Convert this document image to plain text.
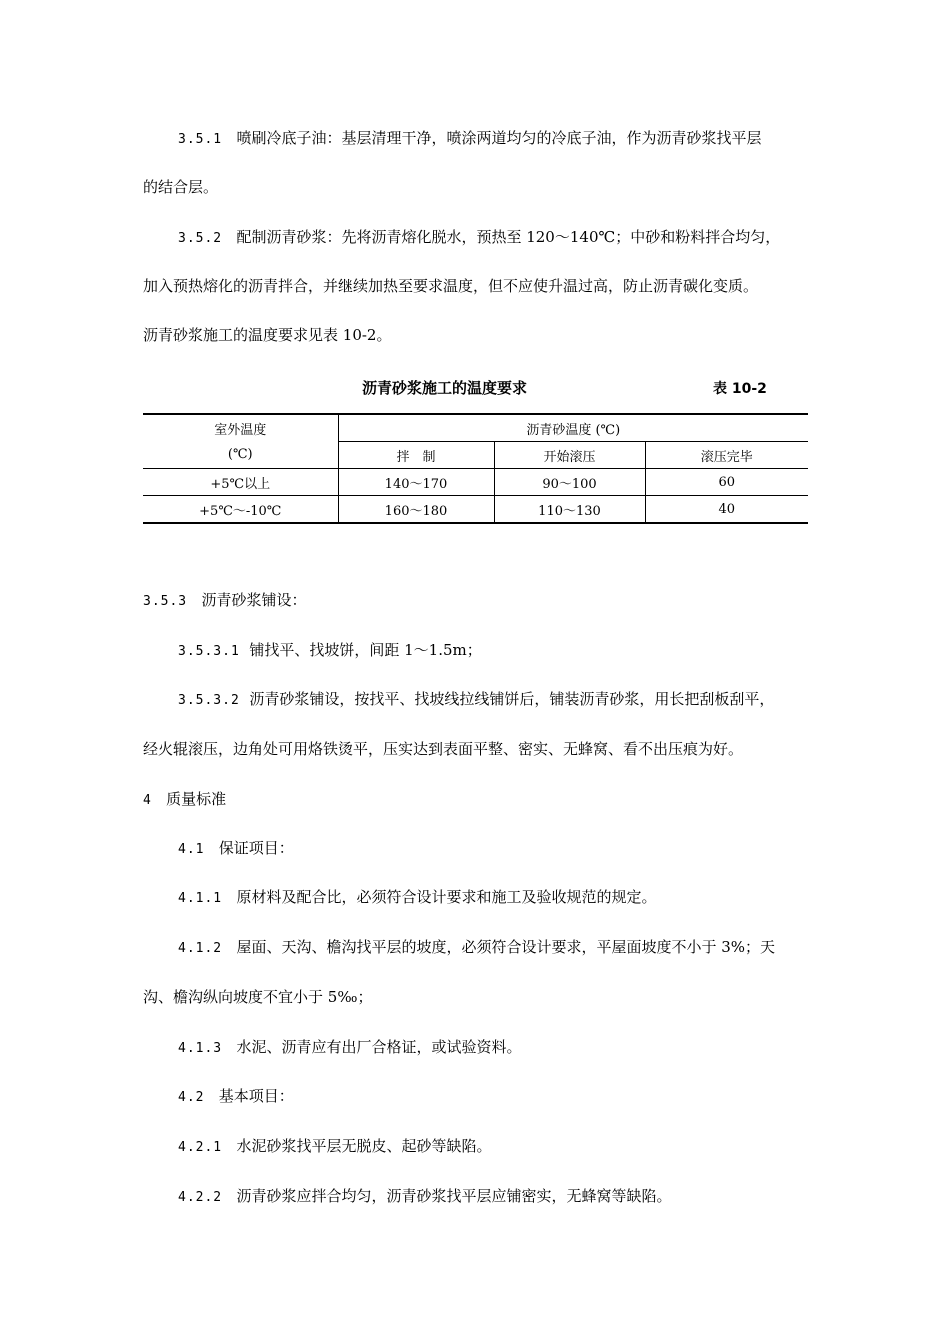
3.5.1 喷刷冷底子油：基层清理干净，喷涂两道均匀的冷底子油，作为沥青砂浆找平层
的结合层。
3.5.2 配制沥青砂浆：先将沥青熔化脱水，预热至 120～140℃；中砂和粉料拌合均匀，
加入预热熔化的沥青拌合，并继续加热至要求温度，但不应使升温过高，防止沥青碳化变质。
沥青砂浆施工的温度要求见表 10-2。
沥青砂浆施工的温度要求	表 10-2
室外温度	沥青砂温度 (℃)		
(℃)	拌　制	开始滚压	滚压完毕
+5℃以上	140～170	90～100	60
+5℃～-10℃	160～180	110～130	40
3.5.3 沥青砂浆铺设：
3.5.3.1 铺找平、找坡饼，间距 1～1.5m；
3.5.3.2 沥青砂浆铺设，按找平、找坡线拉线铺饼后，铺装沥青砂浆，用长把刮板刮平，
经火辊滚压，边角处可用烙铁烫平，压实达到表面平整、密实、无蜂窝、看不出压痕为好。
4 质量标准
4.1 保证项目：
4.1.1 原材料及配合比，必须符合设计要求和施工及验收规范的规定。
4.1.2 屋面、天沟、檐沟找平层的坡度，必须符合设计要求，平屋面坡度不小于 3%；天
沟、檐沟纵向坡度不宜小于 5‰；
4.1.3 水泥、沥青应有出厂合格证，或试验资料。
4.2 基本项目：
4.2.1 水泥砂浆找平层无脱皮、起砂等缺陷。
4.2.2 沥青砂浆应拌合均匀，沥青砂浆找平层应铺密实，无蜂窝等缺陷。
